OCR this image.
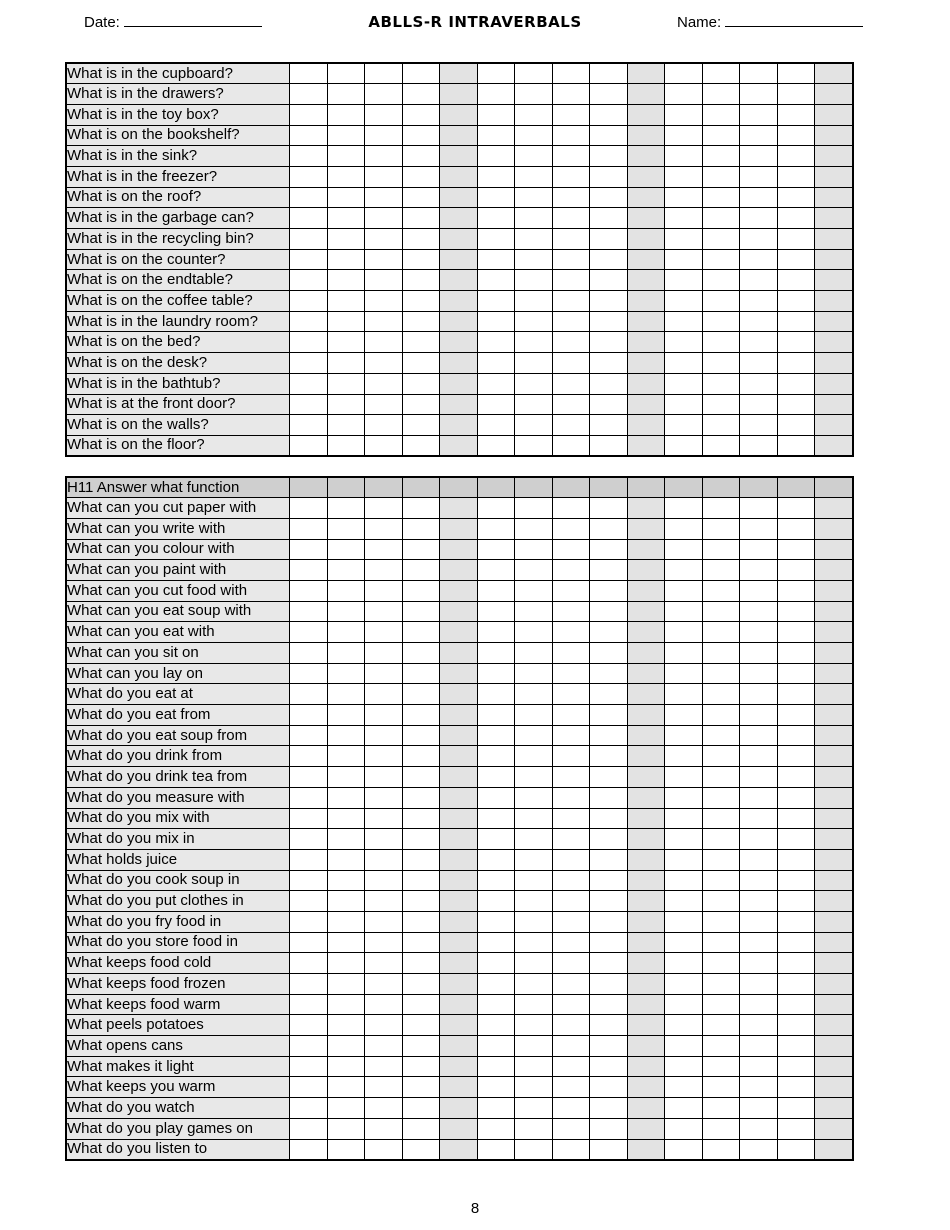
Date:	ABLLS-R INTRAVERBALS	Name:
What is in the cupboard?															
What is in the drawers?															
What is in the toy box?															
What is on the bookshelf?															
What is in the sink?															
What is in the freezer?															
What is on the roof?															
What is in the garbage can?															
What is in the recycling bin?															
What is on the counter?															
What is on the endtable?															
What is on the coffee table?															
What is in the laundry room?															
What is on the bed?															
What is on the desk?															
What is in the bathtub?															
What is at the front door?															
What is on the walls?															
What is on the floor?															
H11 Answer what function															
What can you cut paper with															
What can you write with															
What can you colour with															
What can you paint with															
What can you cut food with															
What can you eat soup with															
What can you eat with															
What can you sit on															
What can you lay on															
What do you eat at															
What do you eat from															
What do you eat soup from															
What do you drink from															
What do you drink tea from															
What do you measure with															
What do you mix with															
What do you mix in															
What holds juice															
What do you cook soup in															
What do you put clothes in															
What do you fry food in															
What do you store food in															
What keeps food cold															
What keeps food frozen															
What keeps food warm															
What peels potatoes															
What opens cans															
What makes it light															
What keeps you warm															
What do you watch															
What do you play games on															
What do you listen to															
8
